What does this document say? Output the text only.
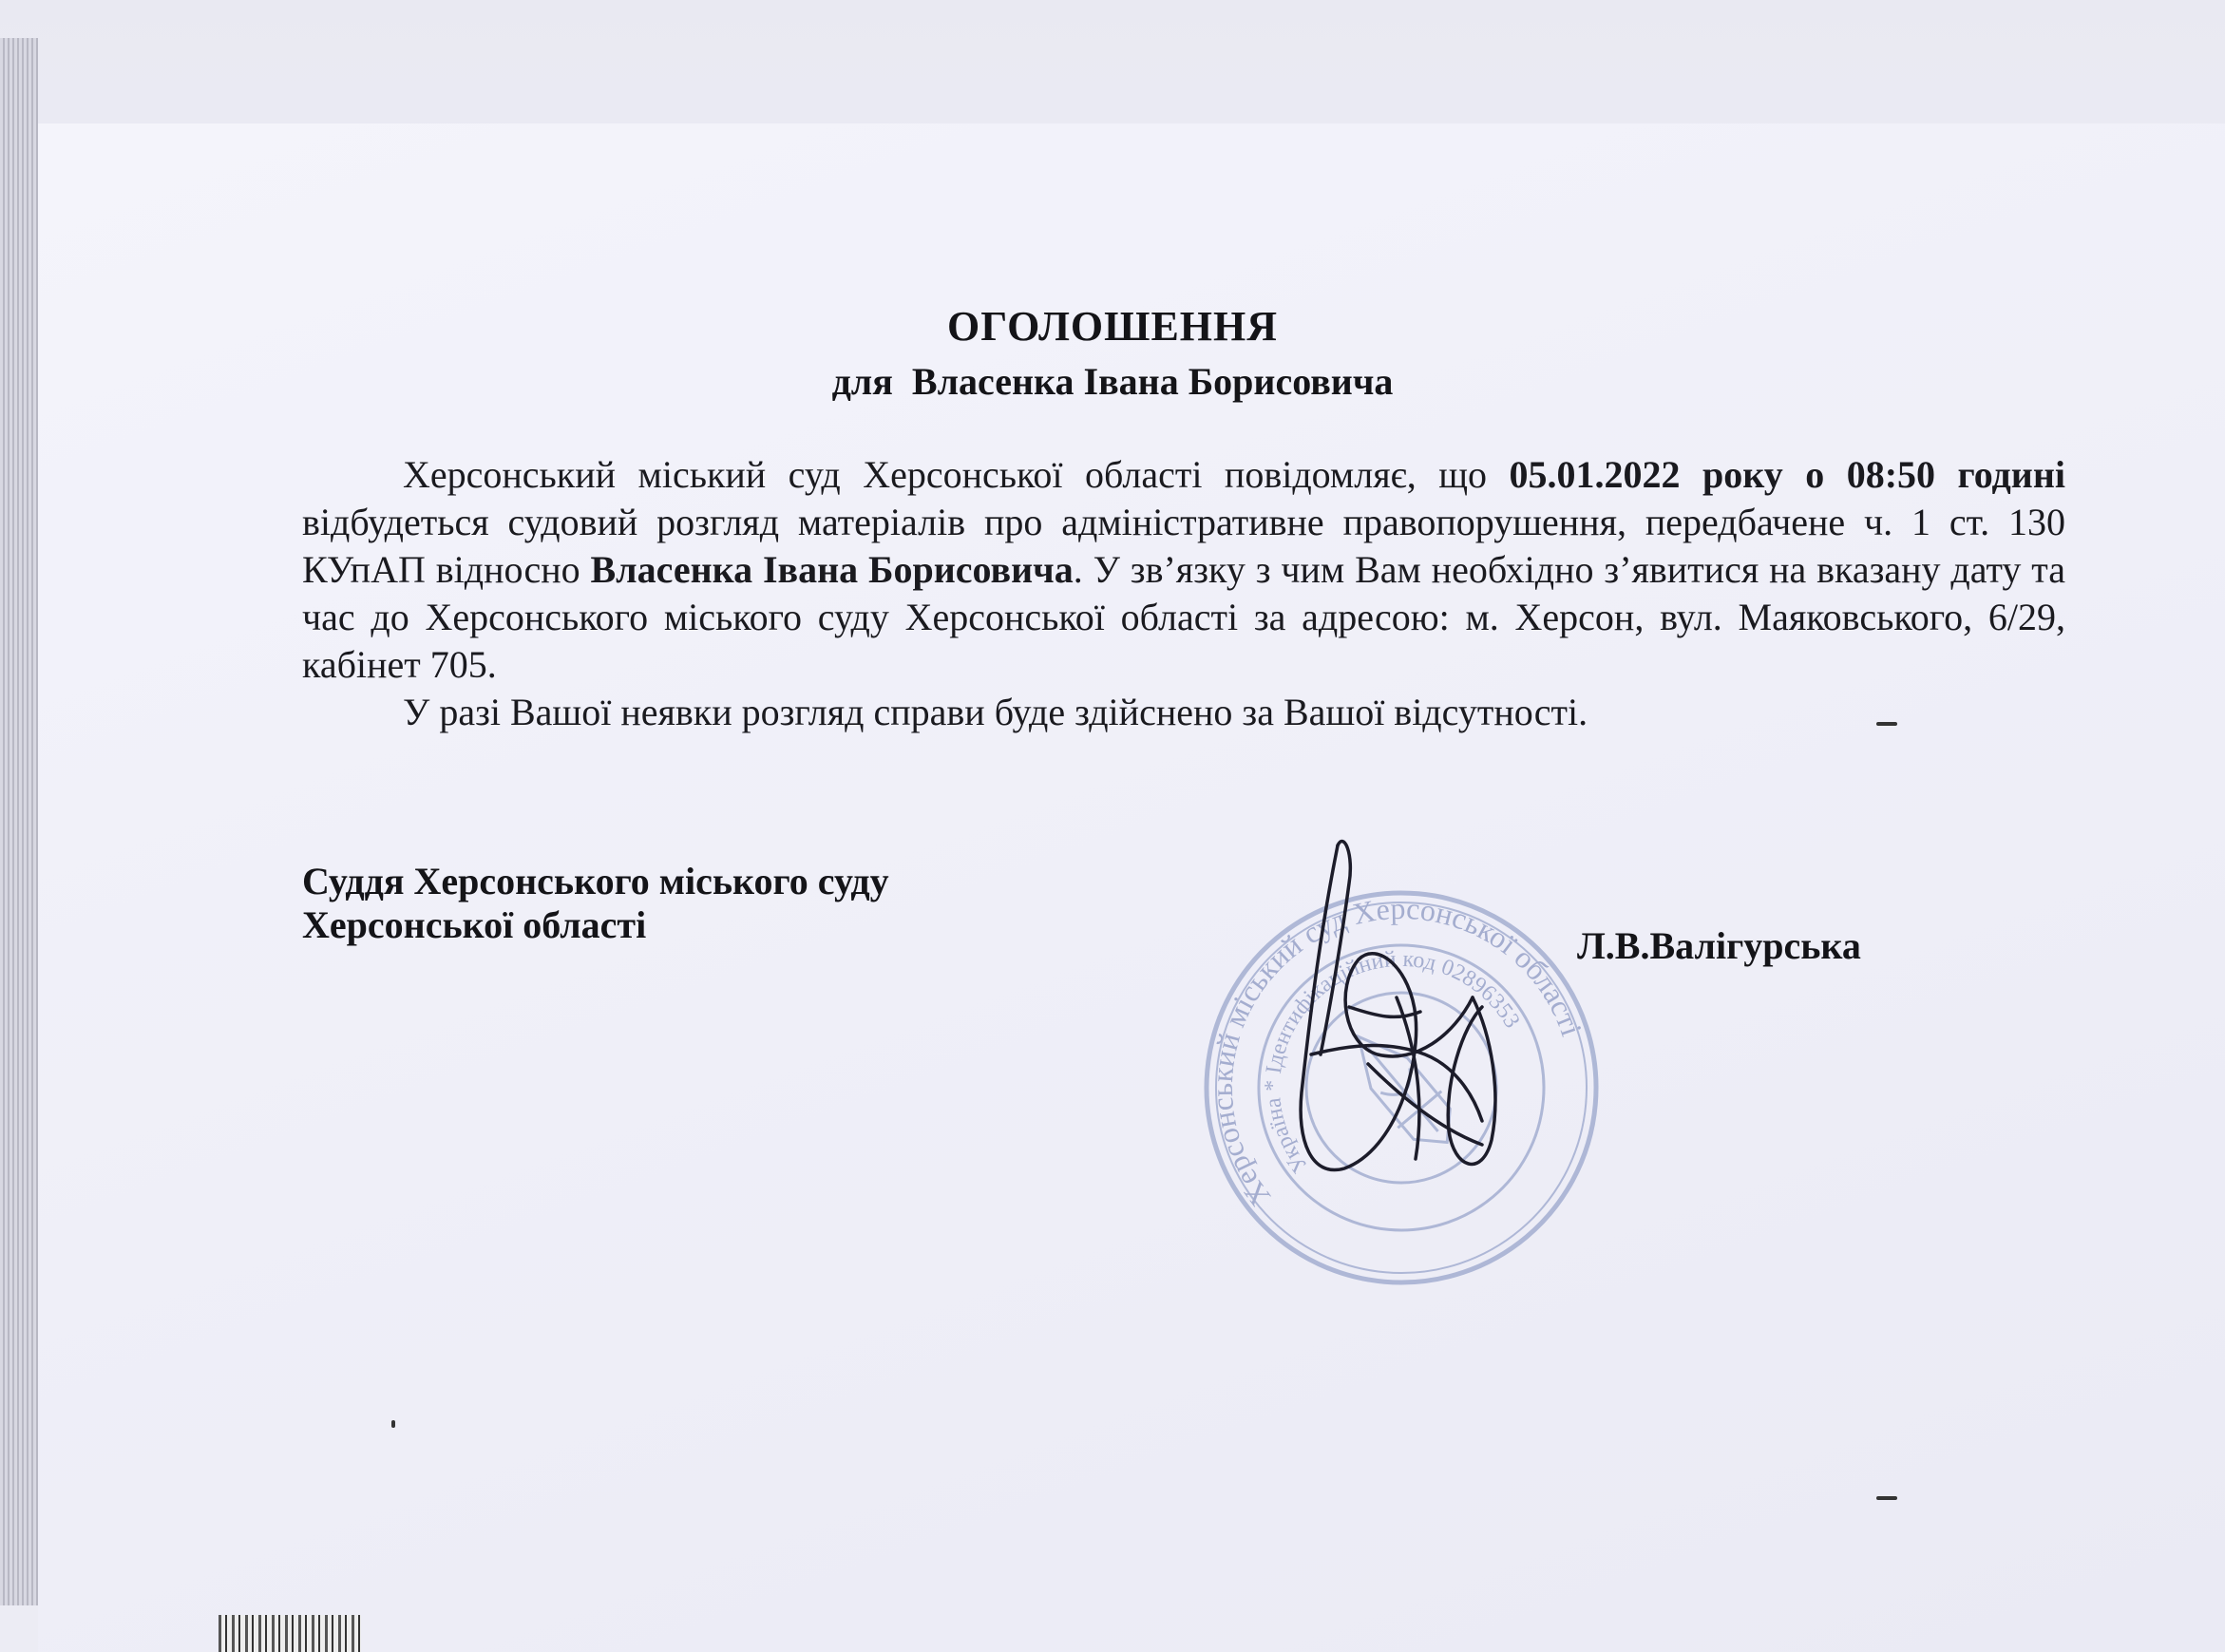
ОГОЛОШЕННЯ
для Власенка Івана Борисовича

Херсонський міський суд Херсонської області повідомляє, що 05.01.2022 року о 08:50 годині відбудеться судовий розгляд матеріалів про адміністративне правопорушення, передбачене ч. 1 ст. 130 КУпАП відносно Власенка Івана Борисовича. У зв’язку з чим Вам необхідно з’явитися на вказану дату та час до Херсонського міського суду Херсонської області за адресою: м. Херсон, вул. Маяковського, 6/29, кабінет 705.

У разі Вашої неявки розгляд справи буде здійснено за Вашої відсутності.

Суддя Херсонського міського суду
Херсонської області
Херсонський міський суд Херсонської області
Україна * Ідентифікаційний код 02896353
Л.В.Валігурська
